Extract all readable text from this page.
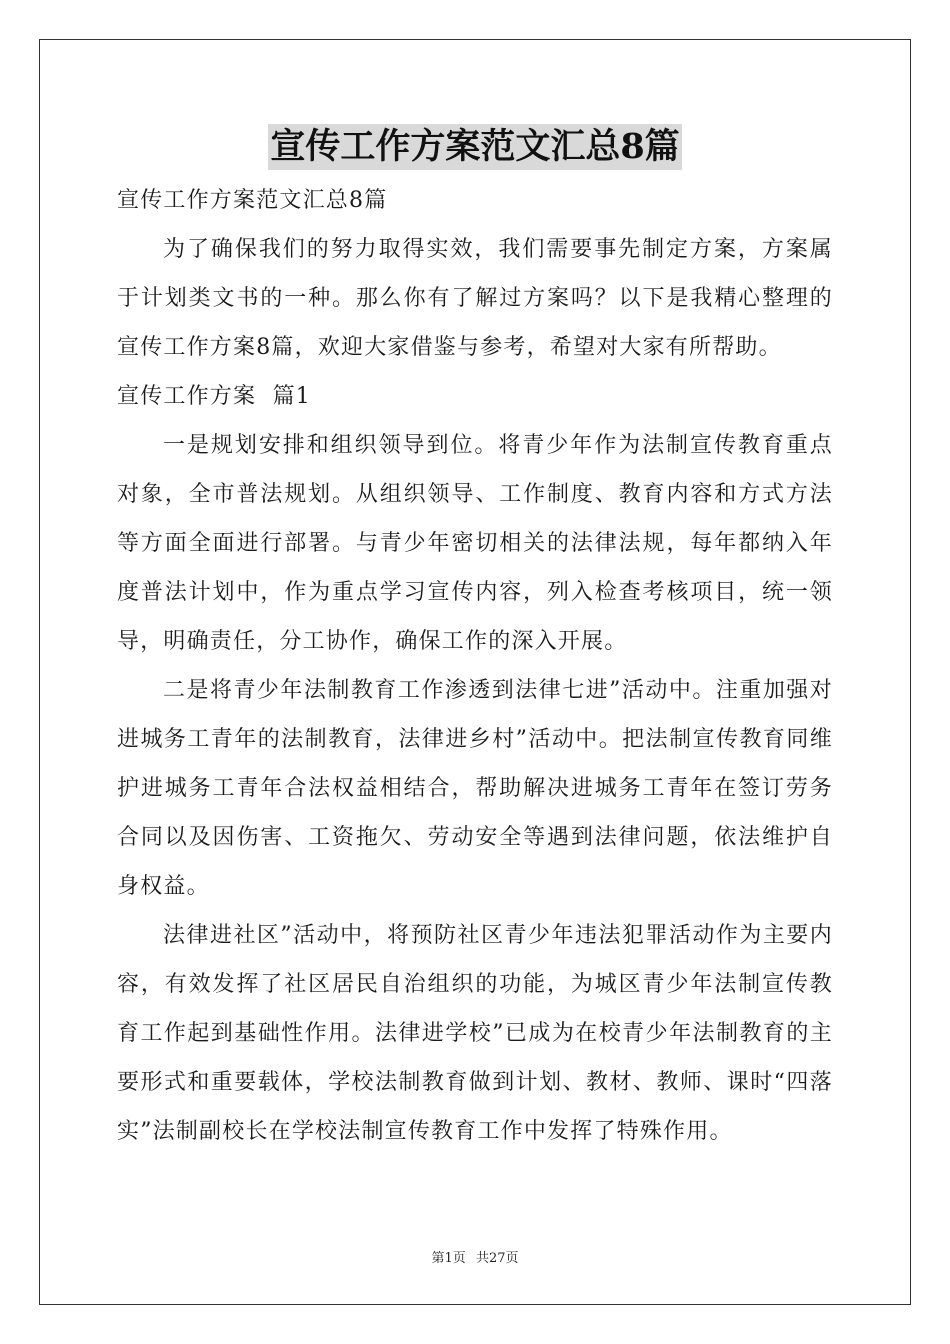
宣传工作方案范文汇总8篇

宣传工作方案范文汇总8篇

为了确保我们的努力取得实效，我们需要事先制定方案，方案属于计划类文书的一种。那么你有了解过方案吗？以下是我精心整理的宣传工作方案8篇，欢迎大家借鉴与参考，希望对大家有所帮助。

宣传工作方案  篇1

一是规划安排和组织领导到位。将青少年作为法制宣传教育重点对象，全市普法规划。从组织领导、工作制度、教育内容和方式方法等方面全面进行部署。与青少年密切相关的法律法规，每年都纳入年度普法计划中，作为重点学习宣传内容，列入检查考核项目，统一领导，明确责任，分工协作，确保工作的深入开展。

二是将青少年法制教育工作渗透到法律七进”活动中。注重加强对进城务工青年的法制教育，法律进乡村”活动中。把法制宣传教育同维护进城务工青年合法权益相结合，帮助解决进城务工青年在签订劳务合同以及因伤害、工资拖欠、劳动安全等遇到法律问题，依法维护自身权益。

法律进社区”活动中，将预防社区青少年违法犯罪活动作为主要内容，有效发挥了社区居民自治组织的功能，为城区青少年法制宣传教育工作起到基础性作用。法律进学校”已成为在校青少年法制教育的主要形式和重要载体，学校法制教育做到计划、教材、教师、课时“四落实”法制副校长在学校法制宣传教育工作中发挥了特殊作用。

第1页 共27页
